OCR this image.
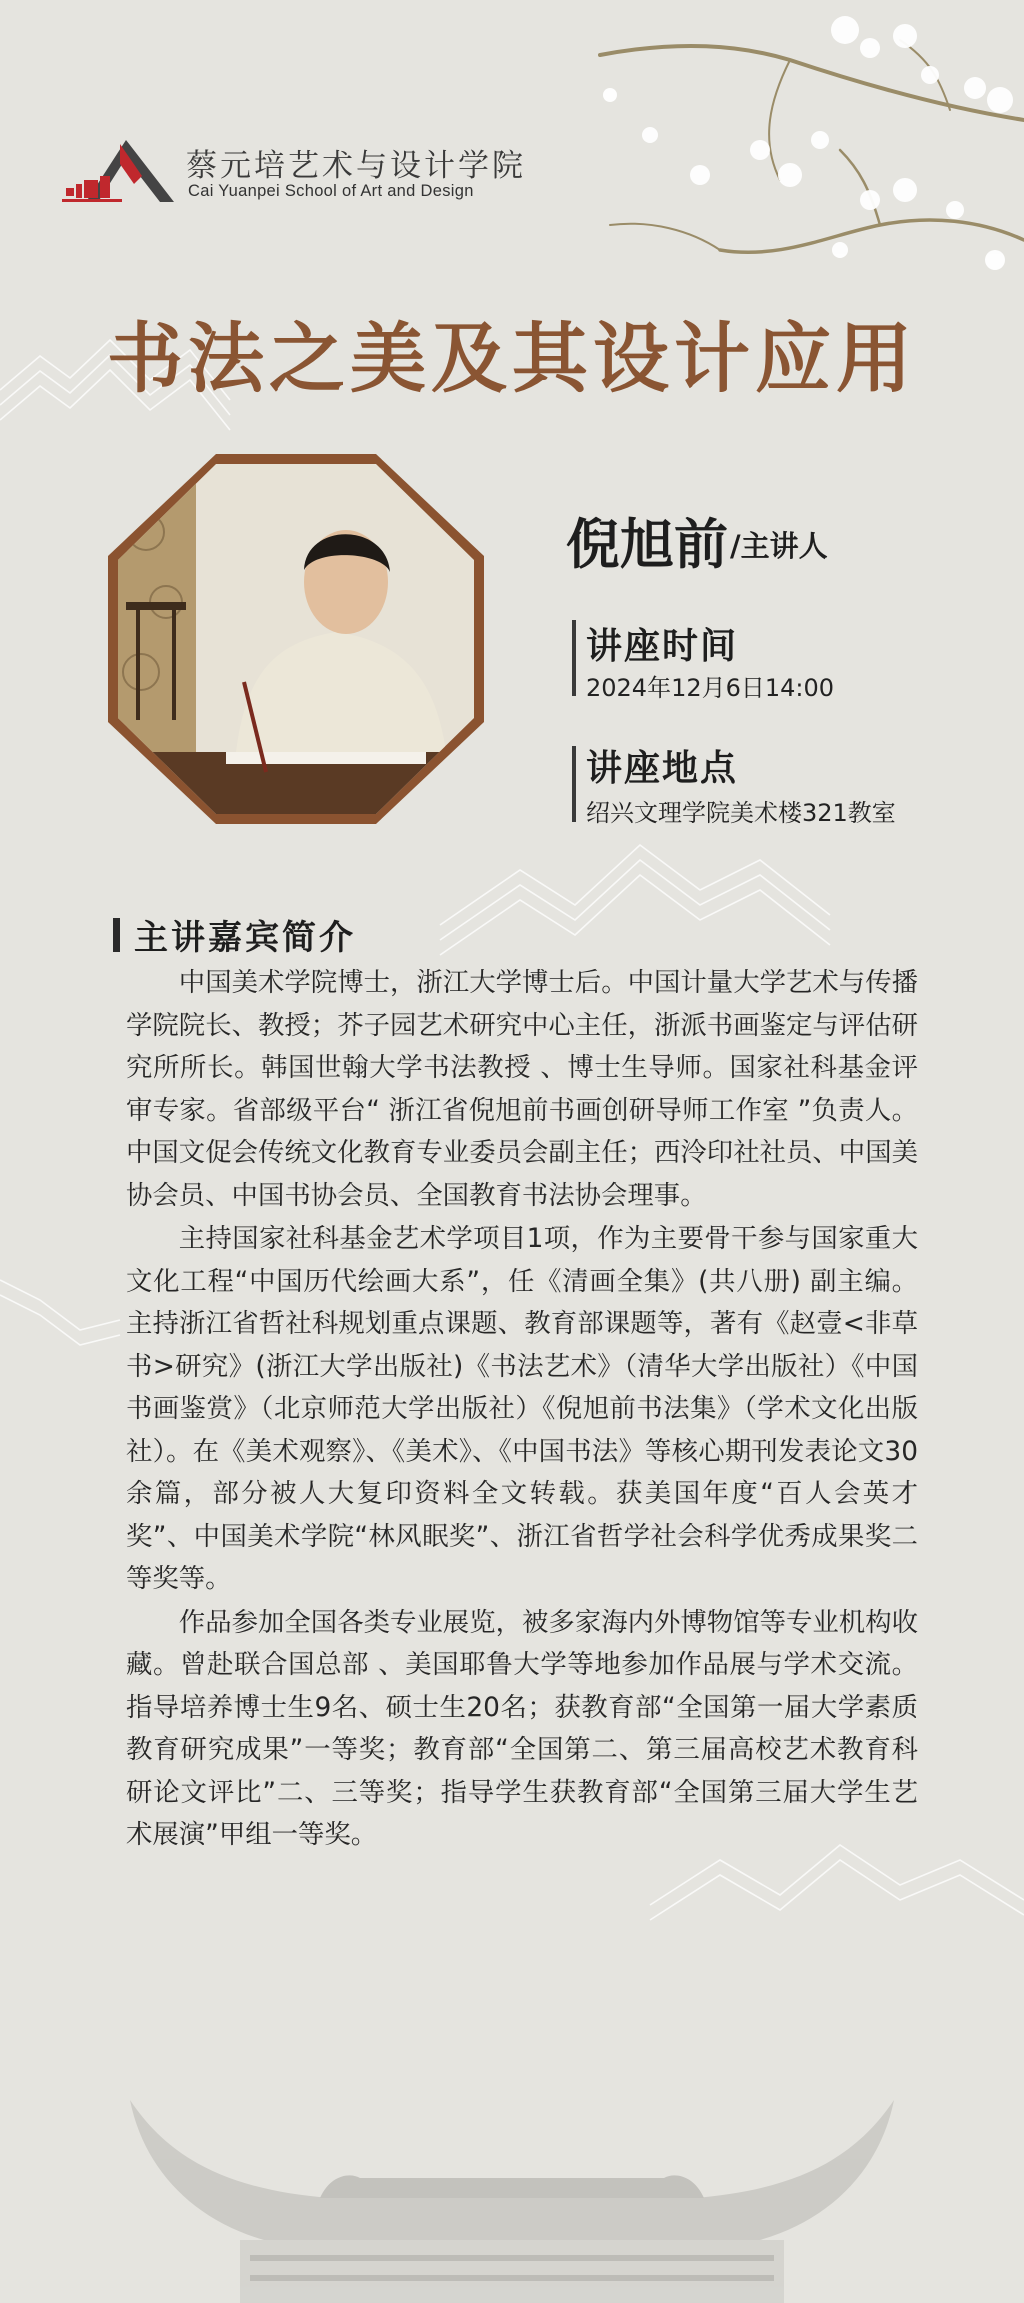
蔡元培艺术与设计学院
Cai Yuanpei School of Art and Design
书法之美及其设计应用
倪旭前 /主讲人
讲座时间
2024年12月6日14:00
讲座地点
绍兴文理学院美术楼321教室
主讲嘉宾简介

中国美术学院博士，浙江大学博士后。中国计量大学艺术与传播学院院长、教授；芥子园艺术研究中心主任，浙派书画鉴定与评估研究所所长。韩国世翰大学书法教授 、博士生导师。国家社科基金评审专家。省部级平台“ 浙江省倪旭前书画创研导师工作室 ”负责人。中国文促会传统文化教育专业委员会副主任；西泠印社社员、中国美协会员、中国书协会员、全国教育书法协会理事。

主持国家社科基金艺术学项目1项，作为主要骨干参与国家重大文化工程“中国历代绘画大系”，任《清画全集》(共八册) 副主编。主持浙江省哲社科规划重点课题、教育部课题等，著有《赵壹<非草书>研究》(浙江大学出版社)《书法艺术》（清华大学出版社）《中国书画鉴赏》（北京师范大学出版社）《倪旭前书法集》（学术文化出版社）。在《美术观察》、《美术》、《中国书法》等核心期刊发表论文30余篇，部分被人大复印资料全文转载。获美国年度“百人会英才奖”、中国美术学院“林风眠奖”、浙江省哲学社会科学优秀成果奖二等奖等。

作品参加全国各类专业展览，被多家海内外博物馆等专业机构收藏。曾赴联合国总部 、美国耶鲁大学等地参加作品展与学术交流。指导培养博士生9名、硕士生20名；获教育部“全国第一届大学素质教育研究成果”一等奖；教育部“全国第二、第三届高校艺术教育科研论文评比”二、三等奖；指导学生获教育部“全国第三届大学生艺术展演”甲组一等奖。
